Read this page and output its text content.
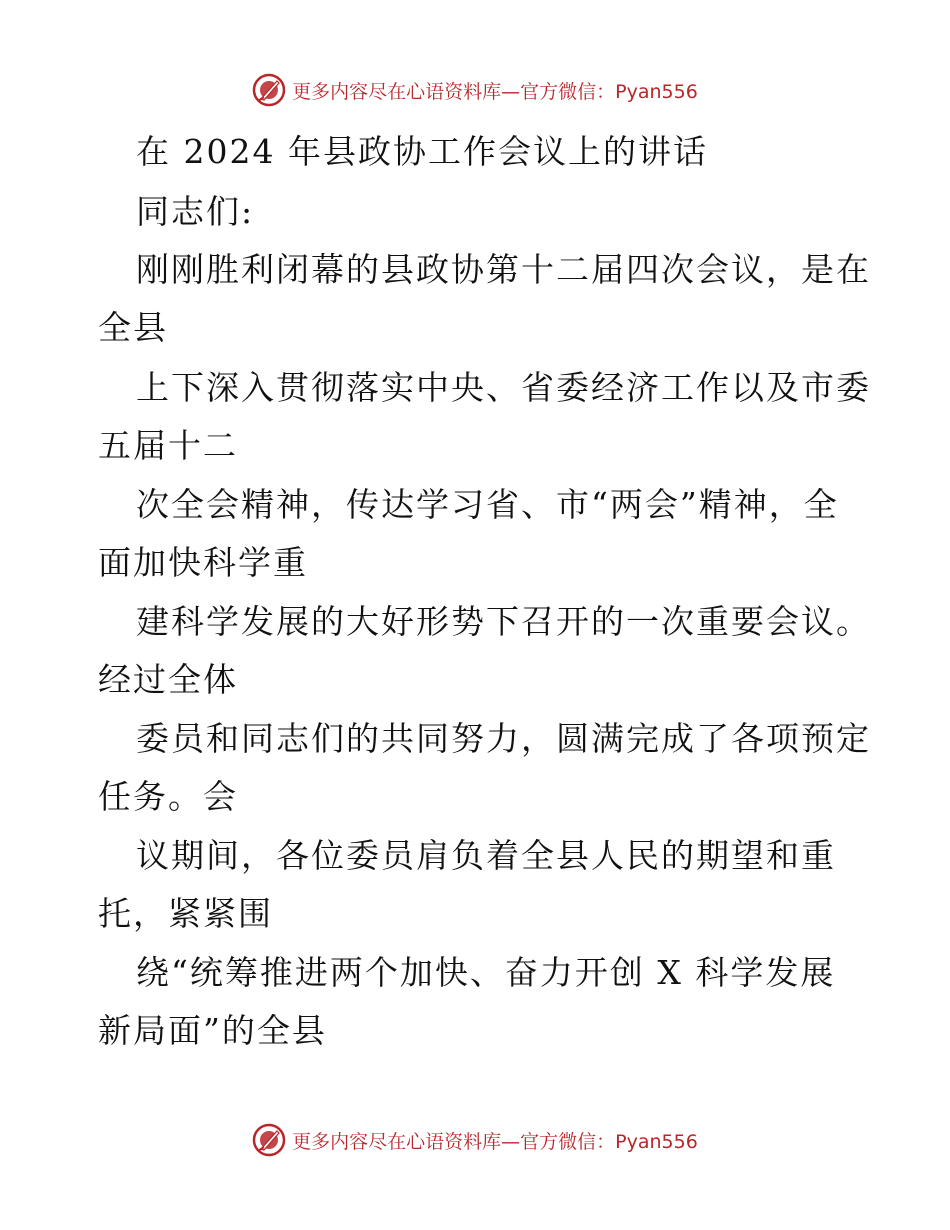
更多内容尽在心语资料库—官方微信：Pyan556
在 2024 年县政协工作会议上的讲话
同志们:
刚刚胜利闭幕的县政协第十二届四次会议，是在
全县
上下深入贯彻落实中央、省委经济工作以及市委
五届十二
次全会精神，传达学习省、市“两会”精神，全
面加快科学重
建科学发展的大好形势下召开的一次重要会议。
经过全体
委员和同志们的共同努力，圆满完成了各项预定
任务。会
议期间，各位委员肩负着全县人民的期望和重
托，紧紧围
绕“统筹推进两个加快、奋力开创 X 科学发展
新局面”的全县
更多内容尽在心语资料库—官方微信：Pyan556
